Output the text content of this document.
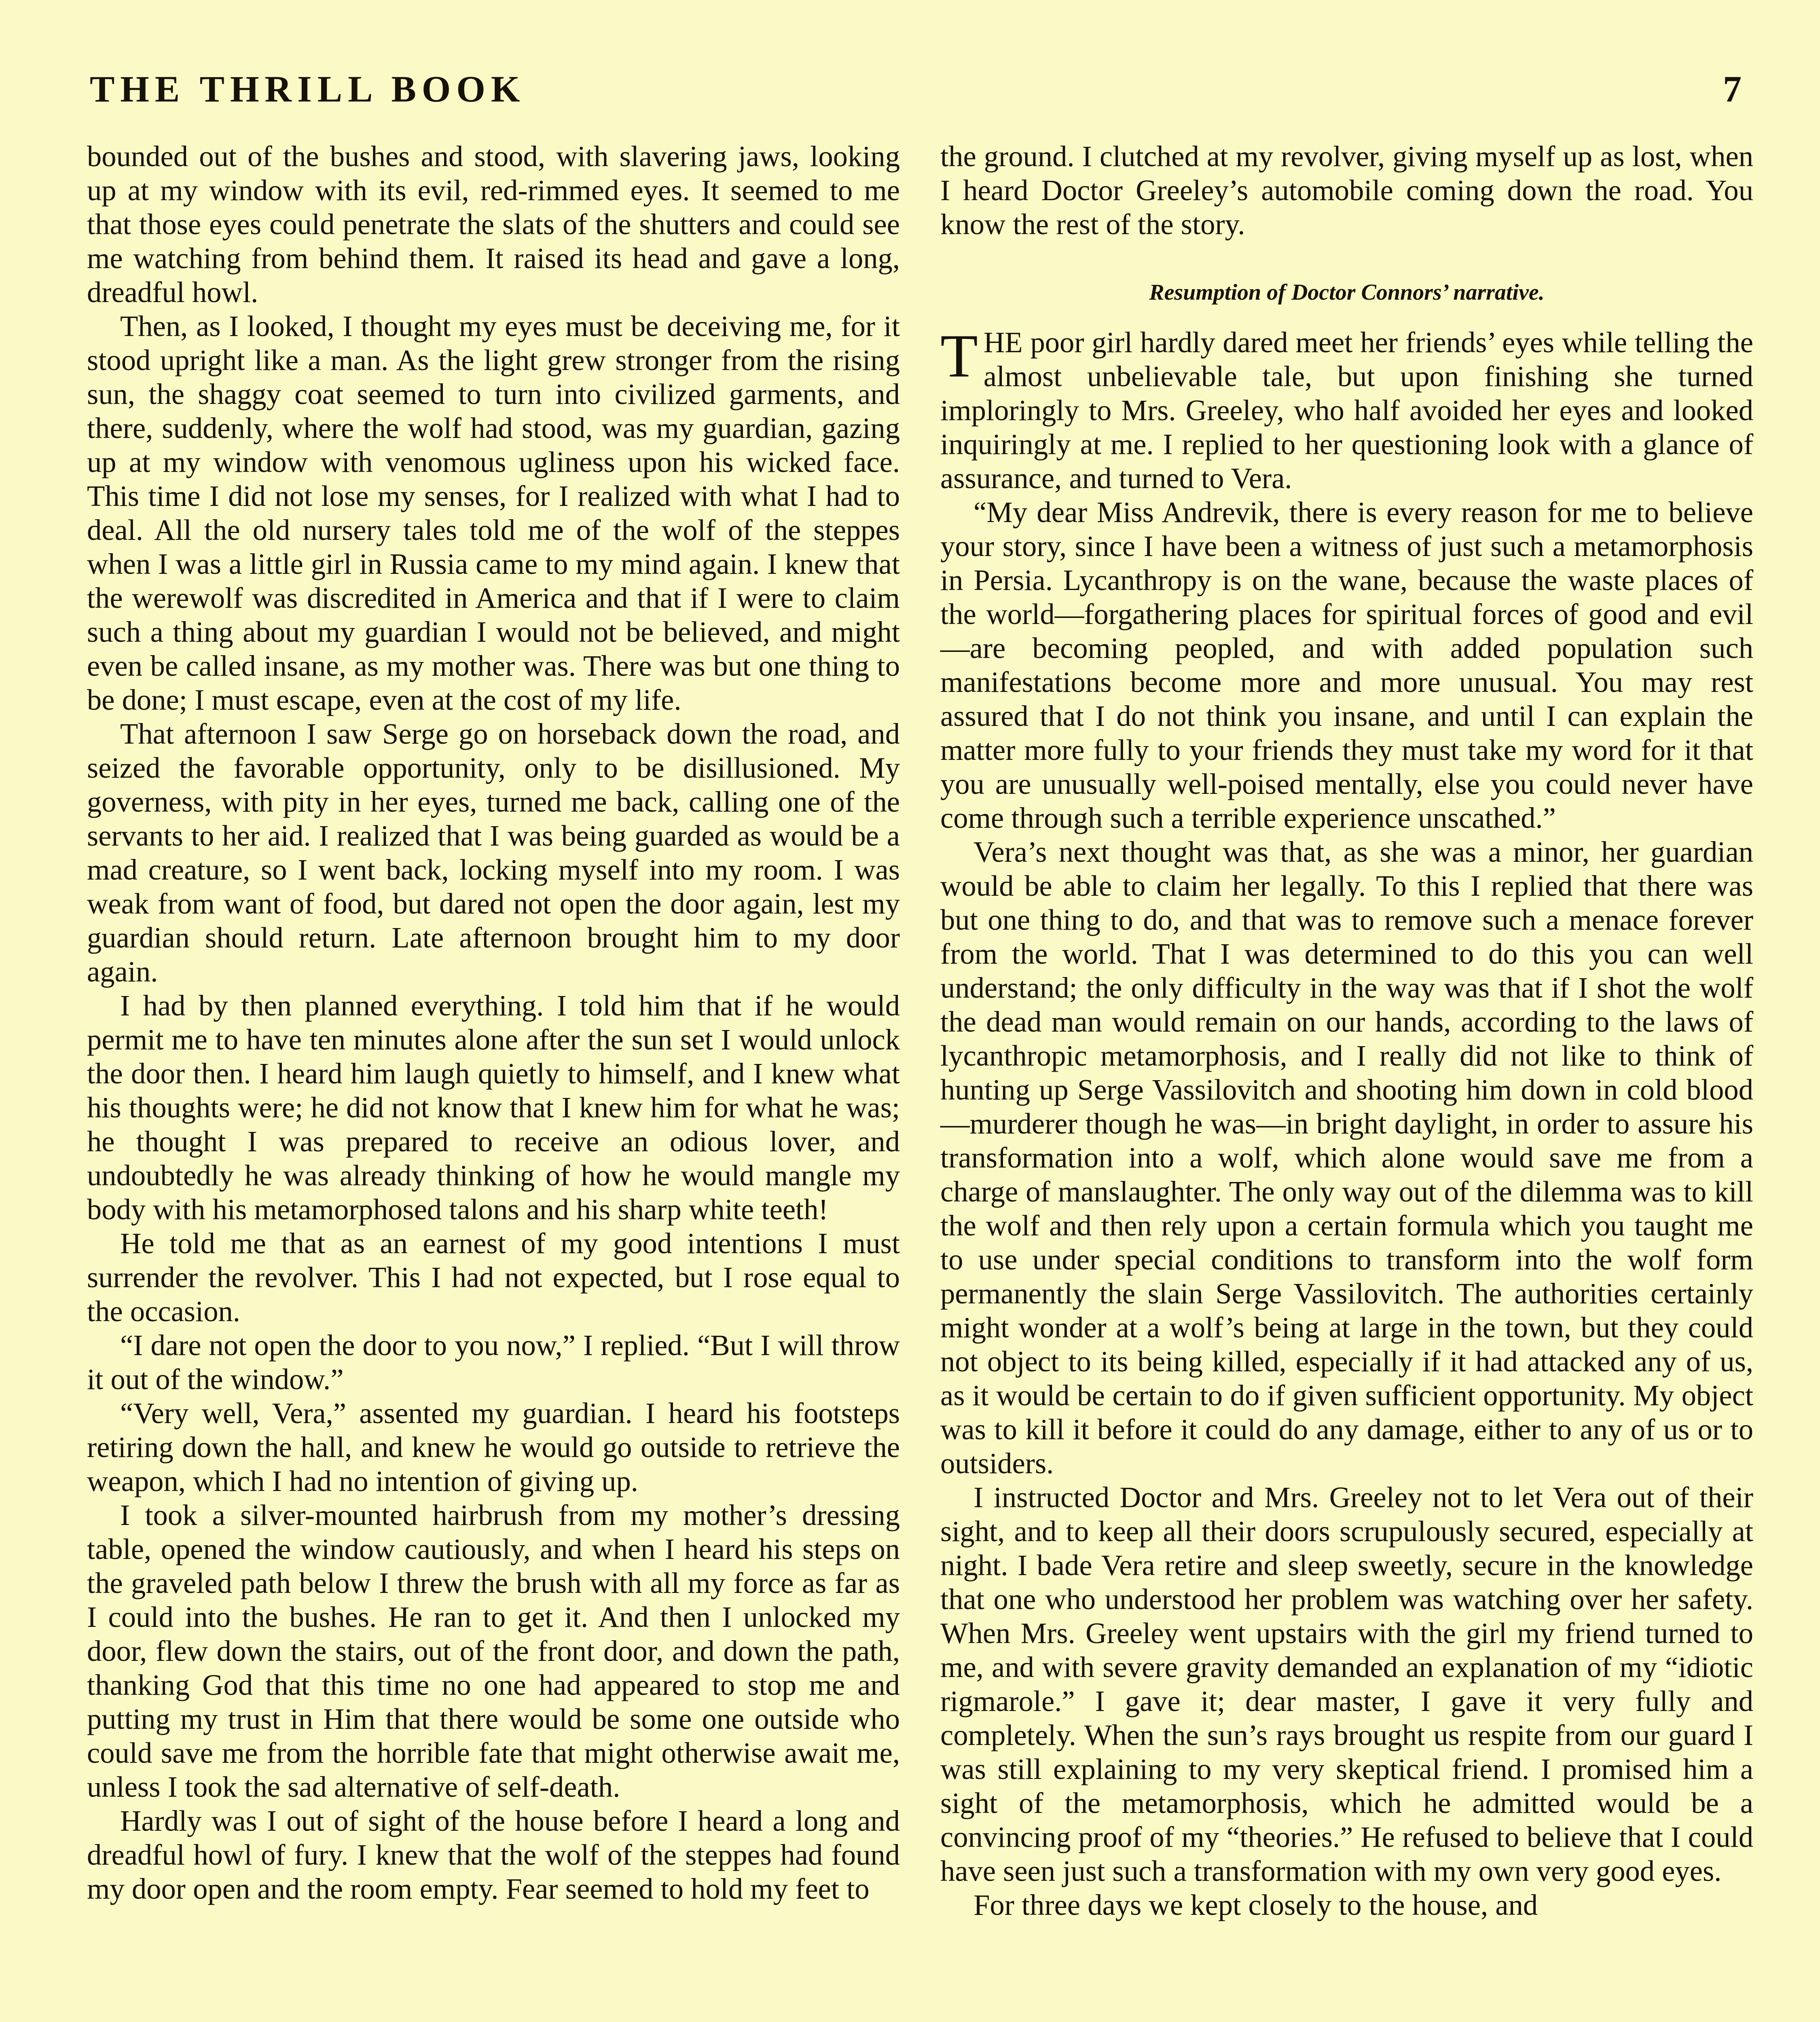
THE THRILL BOOK	7

bounded out of the bushes and stood, with slavering jaws, looking up at my window with its evil, red-rimmed eyes. It seemed to me that those eyes could penetrate the slats of the shutters and could see me watching from behind them. It raised its head and gave a long, dreadful howl.

Then, as I looked, I thought my eyes must be deceiving me, for it stood upright like a man. As the light grew stronger from the rising sun, the shaggy coat seemed to turn into civilized garments, and there, suddenly, where the wolf had stood, was my guardian, gazing up at my window with venomous ugliness upon his wicked face. This time I did not lose my senses, for I realized with what I had to deal. All the old nursery tales told me of the wolf of the steppes when I was a little girl in Russia came to my mind again. I knew that the werewolf was discredited in America and that if I were to claim such a thing about my guardian I would not be believed, and might even be called insane, as my mother was. There was but one thing to be done; I must escape, even at the cost of my life.

That afternoon I saw Serge go on horseback down the road, and seized the favorable opportunity, only to be disillusioned. My governess, with pity in her eyes, turned me back, calling one of the servants to her aid. I realized that I was being guarded as would be a mad creature, so I went back, locking myself into my room. I was weak from want of food, but dared not open the door again, lest my guardian should return. Late afternoon brought him to my door again.

I had by then planned everything. I told him that if he would permit me to have ten minutes alone after the sun set I would unlock the door then. I heard him laugh quietly to himself, and I knew what his thoughts were; he did not know that I knew him for what he was; he thought I was prepared to receive an odious lover, and undoubtedly he was already thinking of how he would mangle my body with his metamorphosed talons and his sharp white teeth!

He told me that as an earnest of my good intentions I must surrender the revolver. This I had not expected, but I rose equal to the occasion.

“I dare not open the door to you now,” I replied. “But I will throw it out of the window.”

“Very well, Vera,” assented my guardian. I heard his footsteps retiring down the hall, and knew he would go outside to retrieve the weapon, which I had no intention of giving up.

I took a silver-mounted hairbrush from my mother’s dressing table, opened the window cautiously, and when I heard his steps on the graveled path below I threw the brush with all my force as far as I could into the bushes. He ran to get it. And then I unlocked my door, flew down the stairs, out of the front door, and down the path, thanking God that this time no one had appeared to stop me and putting my trust in Him that there would be some one outside who could save me from the horrible fate that might otherwise await me, unless I took the sad alternative of self-death.

Hardly was I out of sight of the house before I heard a long and dreadful howl of fury. I knew that the wolf of the steppes had found my door open and the room empty. Fear seemed to hold my feet to

the ground. I clutched at my revolver, giving myself up as lost, when I heard Doctor Greeley’s automobile coming down the road. You know the rest of the story.

Resumption of Doctor Connors’ narrative.

THE poor girl hardly dared meet her friends’ eyes while telling the almost unbelievable tale, but upon finishing she turned imploringly to Mrs. Greeley, who half avoided her eyes and looked inquiringly at me. I replied to her questioning look with a glance of assurance, and turned to Vera.

“My dear Miss Andrevik, there is every reason for me to believe your story, since I have been a witness of just such a metamorphosis in Persia. Lycanthropy is on the wane, because the waste places of the world—forgathering places for spiritual forces of good and evil—are becoming peopled, and with added population such manifestations become more and more unusual. You may rest assured that I do not think you insane, and until I can explain the matter more fully to your friends they must take my word for it that you are unusually well-poised mentally, else you could never have come through such a terrible experience unscathed.”

Vera’s next thought was that, as she was a minor, her guardian would be able to claim her legally. To this I replied that there was but one thing to do, and that was to remove such a menace forever from the world. That I was determined to do this you can well understand; the only difficulty in the way was that if I shot the wolf the dead man would remain on our hands, according to the laws of lycanthropic metamorphosis, and I really did not like to think of hunting up Serge Vassilovitch and shooting him down in cold blood—murderer though he was—in bright daylight, in order to assure his transformation into a wolf, which alone would save me from a charge of manslaughter. The only way out of the dilemma was to kill the wolf and then rely upon a certain formula which you taught me to use under special conditions to transform into the wolf form permanently the slain Serge Vassilovitch. The authorities certainly might wonder at a wolf’s being at large in the town, but they could not object to its being killed, especially if it had attacked any of us, as it would be certain to do if given sufficient opportunity. My object was to kill it before it could do any damage, either to any of us or to outsiders.

I instructed Doctor and Mrs. Greeley not to let Vera out of their sight, and to keep all their doors scrupulously secured, especially at night. I bade Vera retire and sleep sweetly, secure in the knowledge that one who understood her problem was watching over her safety. When Mrs. Greeley went upstairs with the girl my friend turned to me, and with severe gravity demanded an explanation of my “idiotic rigmarole.” I gave it; dear master, I gave it very fully and completely. When the sun’s rays brought us respite from our guard I was still explaining to my very skeptical friend. I promised him a sight of the metamorphosis, which he admitted would be a convincing proof of my “theories.” He refused to believe that I could have seen just such a transformation with my own very good eyes.

For three days we kept closely to the house, and
